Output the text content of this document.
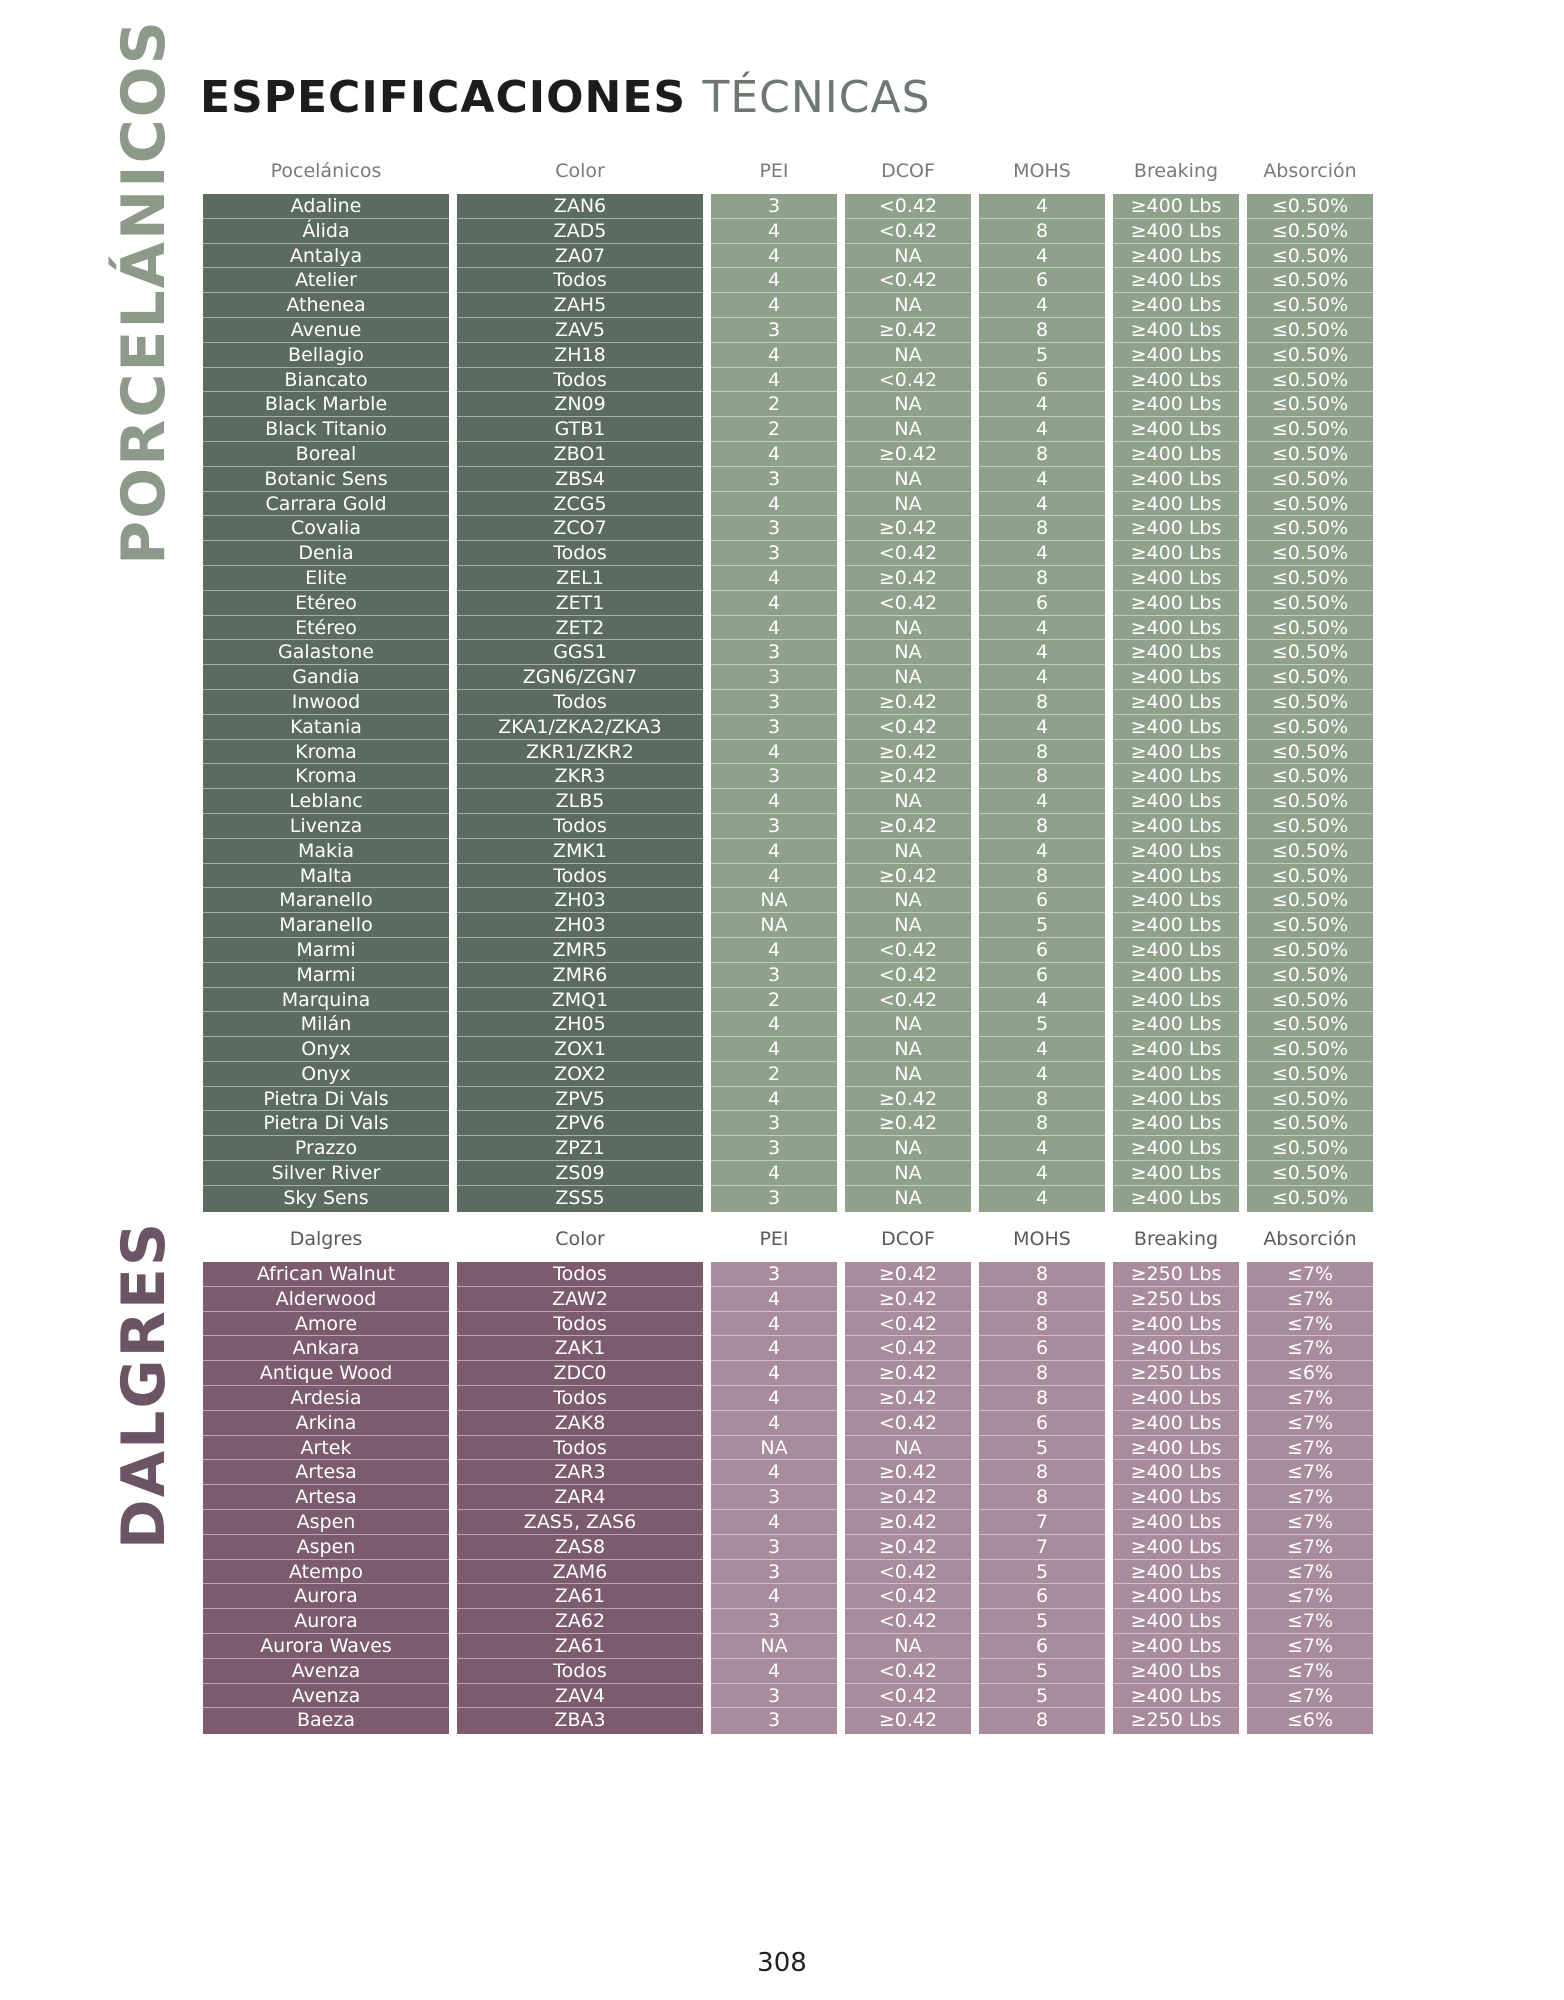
PORCELÁNICOS
DALGRES
ESPECIFICACIONES TÉCNICAS
Pocelánicos	Color	PEI	DCOF	MOHS	Breaking	Absorción
Adaline	ZAN6	3	<0.42	4	≥400 Lbs	≤0.50%
Álida	ZAD5	4	<0.42	8	≥400 Lbs	≤0.50%
Antalya	ZA07	4	NA	4	≥400 Lbs	≤0.50%
Atelier	Todos	4	<0.42	6	≥400 Lbs	≤0.50%
Athenea	ZAH5	4	NA	4	≥400 Lbs	≤0.50%
Avenue	ZAV5	3	≥0.42	8	≥400 Lbs	≤0.50%
Bellagio	ZH18	4	NA	5	≥400 Lbs	≤0.50%
Biancato	Todos	4	<0.42	6	≥400 Lbs	≤0.50%
Black Marble	ZN09	2	NA	4	≥400 Lbs	≤0.50%
Black Titanio	GTB1	2	NA	4	≥400 Lbs	≤0.50%
Boreal	ZBO1	4	≥0.42	8	≥400 Lbs	≤0.50%
Botanic Sens	ZBS4	3	NA	4	≥400 Lbs	≤0.50%
Carrara Gold	ZCG5	4	NA	4	≥400 Lbs	≤0.50%
Covalia	ZCO7	3	≥0.42	8	≥400 Lbs	≤0.50%
Denia	Todos	3	<0.42	4	≥400 Lbs	≤0.50%
Elite	ZEL1	4	≥0.42	8	≥400 Lbs	≤0.50%
Etéreo	ZET1	4	<0.42	6	≥400 Lbs	≤0.50%
Etéreo	ZET2	4	NA	4	≥400 Lbs	≤0.50%
Galastone	GGS1	3	NA	4	≥400 Lbs	≤0.50%
Gandia	ZGN6/ZGN7	3	NA	4	≥400 Lbs	≤0.50%
Inwood	Todos	3	≥0.42	8	≥400 Lbs	≤0.50%
Katania	ZKA1/ZKA2/ZKA3	3	<0.42	4	≥400 Lbs	≤0.50%
Kroma	ZKR1/ZKR2	4	≥0.42	8	≥400 Lbs	≤0.50%
Kroma	ZKR3	3	≥0.42	8	≥400 Lbs	≤0.50%
Leblanc	ZLB5	4	NA	4	≥400 Lbs	≤0.50%
Livenza	Todos	3	≥0.42	8	≥400 Lbs	≤0.50%
Makia	ZMK1	4	NA	4	≥400 Lbs	≤0.50%
Malta	Todos	4	≥0.42	8	≥400 Lbs	≤0.50%
Maranello	ZH03	NA	NA	6	≥400 Lbs	≤0.50%
Maranello	ZH03	NA	NA	5	≥400 Lbs	≤0.50%
Marmi	ZMR5	4	<0.42	6	≥400 Lbs	≤0.50%
Marmi	ZMR6	3	<0.42	6	≥400 Lbs	≤0.50%
Marquina	ZMQ1	2	<0.42	4	≥400 Lbs	≤0.50%
Milán	ZH05	4	NA	5	≥400 Lbs	≤0.50%
Onyx	ZOX1	4	NA	4	≥400 Lbs	≤0.50%
Onyx	ZOX2	2	NA	4	≥400 Lbs	≤0.50%
Pietra Di Vals	ZPV5	4	≥0.42	8	≥400 Lbs	≤0.50%
Pietra Di Vals	ZPV6	3	≥0.42	8	≥400 Lbs	≤0.50%
Prazzo	ZPZ1	3	NA	4	≥400 Lbs	≤0.50%
Silver River	ZS09	4	NA	4	≥400 Lbs	≤0.50%
Sky Sens	ZSS5	3	NA	4	≥400 Lbs	≤0.50%
Dalgres	Color	PEI	DCOF	MOHS	Breaking	Absorción
African Walnut	Todos	3	≥0.42	8	≥250 Lbs	≤7%
Alderwood	ZAW2	4	≥0.42	8	≥250 Lbs	≤7%
Amore	Todos	4	<0.42	8	≥400 Lbs	≤7%
Ankara	ZAK1	4	<0.42	6	≥400 Lbs	≤7%
Antique Wood	ZDC0	4	≥0.42	8	≥250 Lbs	≤6%
Ardesia	Todos	4	≥0.42	8	≥400 Lbs	≤7%
Arkina	ZAK8	4	<0.42	6	≥400 Lbs	≤7%
Artek	Todos	NA	NA	5	≥400 Lbs	≤7%
Artesa	ZAR3	4	≥0.42	8	≥400 Lbs	≤7%
Artesa	ZAR4	3	≥0.42	8	≥400 Lbs	≤7%
Aspen	ZAS5, ZAS6	4	≥0.42	7	≥400 Lbs	≤7%
Aspen	ZAS8	3	≥0.42	7	≥400 Lbs	≤7%
Atempo	ZAM6	3	<0.42	5	≥400 Lbs	≤7%
Aurora	ZA61	4	<0.42	6	≥400 Lbs	≤7%
Aurora	ZA62	3	<0.42	5	≥400 Lbs	≤7%
Aurora Waves	ZA61	NA	NA	6	≥400 Lbs	≤7%
Avenza	Todos	4	<0.42	5	≥400 Lbs	≤7%
Avenza	ZAV4	3	<0.42	5	≥400 Lbs	≤7%
Baeza	ZBA3	3	≥0.42	8	≥250 Lbs	≤6%
308
